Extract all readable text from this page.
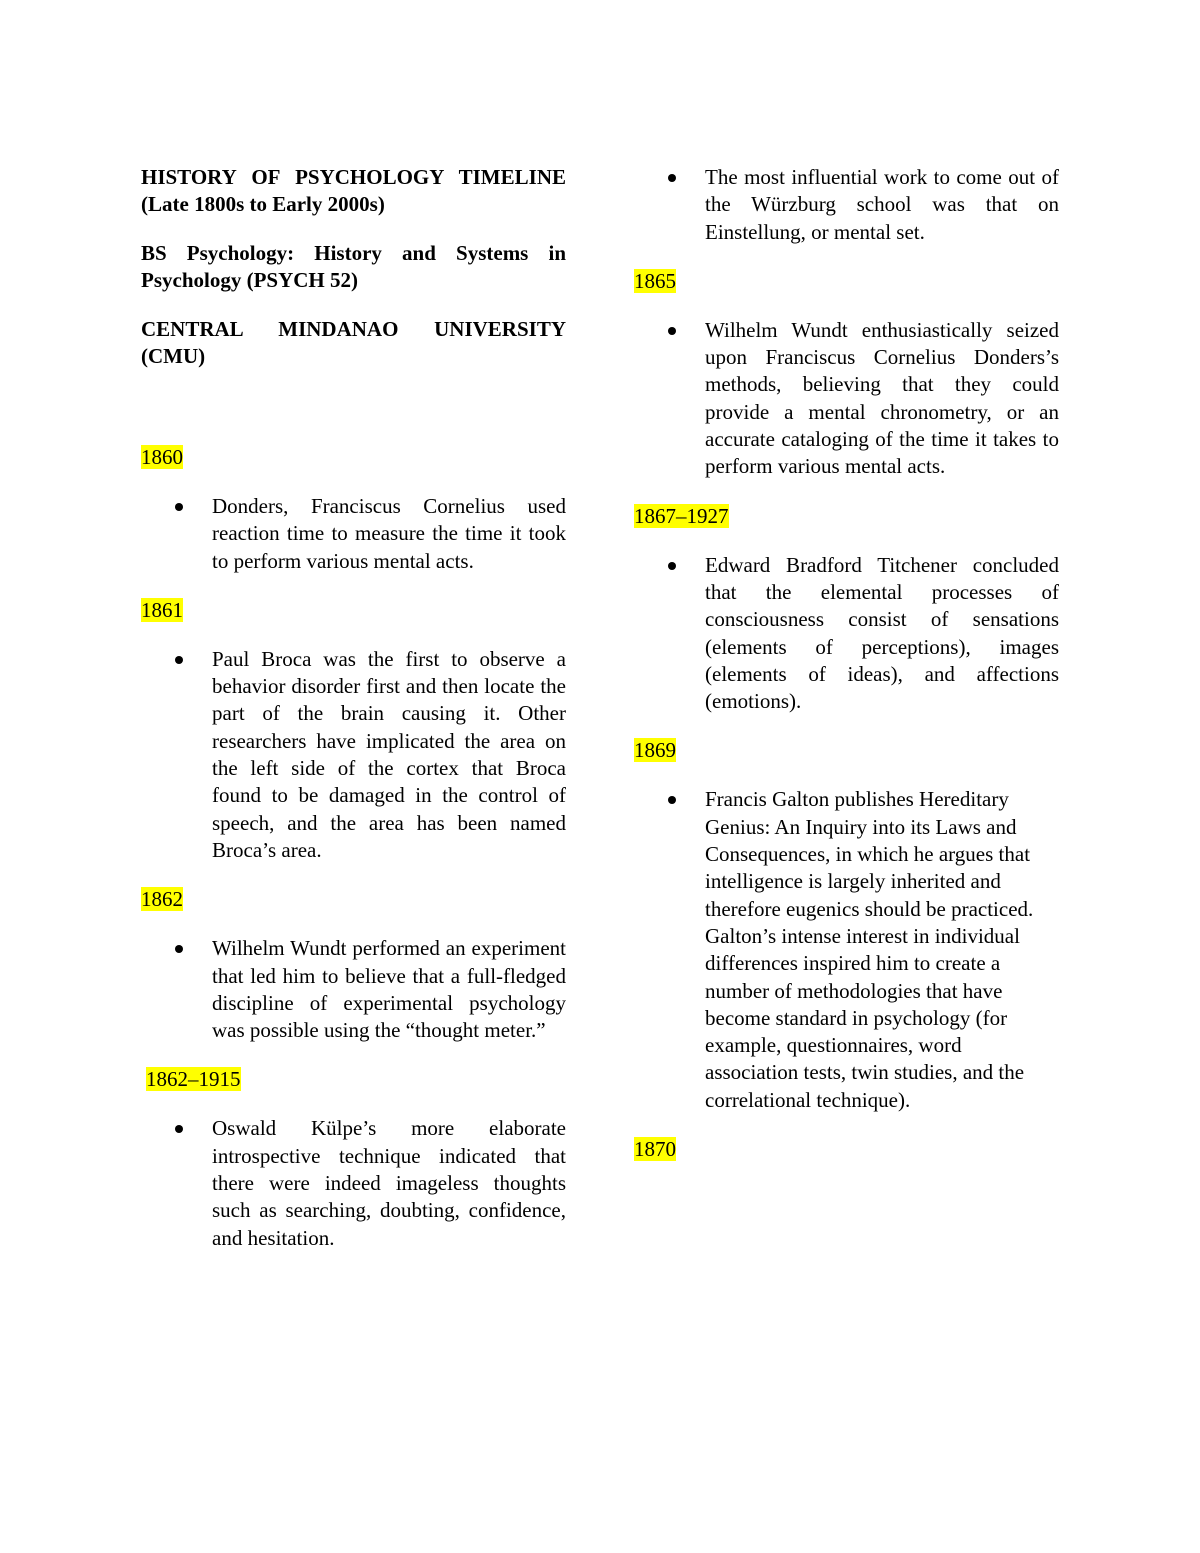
HISTORY OF PSYCHOLOGY TIMELINE (Late 1800s to Early 2000s)

BS Psychology: History and Systems in Psychology (PSYCH 52)

CENTRAL MINDANAO UNIVERSITY (CMU)

1860
Donders, Franciscus Cornelius used reaction time to measure the time it took to perform various mental acts.
1861
Paul Broca was the first to observe a behavior disorder first and then locate the part of the brain causing it. Other researchers have implicated the area on the left side of the cortex that Broca found to be damaged in the control of speech, and the area has been named Broca’s area.
1862
Wilhelm Wundt performed an experiment that led him to believe that a full-fledged discipline of experimental psychology was possible using the “thought meter.”
1862–1915
Oswald Külpe’s more elaborate introspective technique indicated that there were indeed imageless thoughts such as searching, doubting, confidence, and hesitation.
The most influential work to come out of the Würzburg school was that on Einstellung, or mental set.
1865
Wilhelm Wundt enthusiastically seized upon Franciscus Cornelius Donders’s methods, believing that they could provide a mental chronometry, or an accurate cataloging of the time it takes to perform various mental acts.
1867–1927
Edward Bradford Titchener concluded that the elemental processes of consciousness consist of sensations (elements of perceptions), images (elements of ideas), and affections (emotions).
1869
Francis Galton publishes Hereditary Genius: An Inquiry into its Laws and Consequences, in which he argues that intelligence is largely inherited and therefore eugenics should be practiced. Galton’s intense interest in individual differences inspired him to create a number of methodologies that have become standard in psychology (for example, questionnaires, word association tests, twin studies, and the correlational technique).
1870
